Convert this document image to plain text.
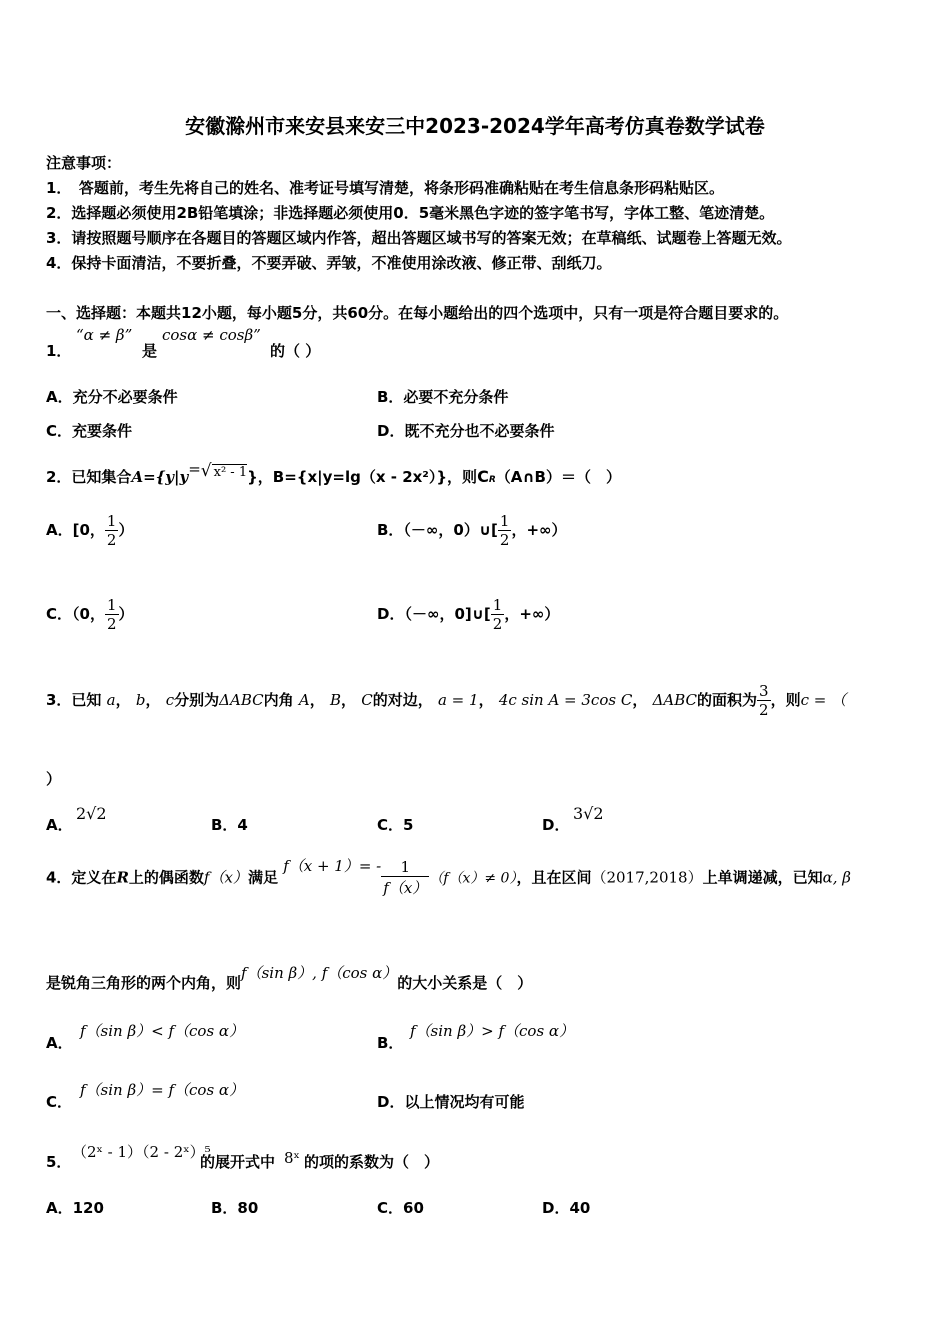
安徽滁州市来安县来安三中2023-2024学年高考仿真卷数学试卷
注意事项：
1．　答题前，考生先将自己的姓名、准考证号填写清楚，将条形码准确粘贴在考生信息条形码粘贴区。
2．选择题必须使用2B铅笔填涂；非选择题必须使用0．5毫米黑色字迹的签字笔书写，字体工整、笔迹清楚。
3．请按照题号顺序在各题目的答题区域内作答，超出答题区域书写的答案无效；在草稿纸、试题卷上答题无效。
4．保持卡面清洁，不要折叠，不要弄破、弄皱，不准使用涂改液、修正带、刮纸刀。
一、选择题：本题共12小题，每小题5分，共60分。在每小题给出的四个选项中，只有一项是符合题目要求的。
1．
“α ≠ β”
是
cosα ≠ cosβ”
的（ ）
A．充分不必要条件	B．必要不充分条件
C．充要条件	D．既不充分也不必要条件
2．已知集合A={y|y=√ x² - 1}，B={x|y=lg（x - 2x²）}，则CR（A∩B）＝（　）
A．[0， $\frac{1}{2}$ ）	B．（－∞，0）∪[ $\frac{1}{2}$ ，+∞）
C．（0， $\frac{1}{2}$ ）	D．（－∞，0]∪[ $\frac{1}{2}$ ，+∞）
3．已知 a， b， c分别为ΔABC内角 A， B， C的对边， a = 1， 4c sin A = 3cos C， ΔABC的面积为 $\frac{3}{2}$ ，则c = （
）
A．
2√2
B．4	C．5	D．
3√2
4．定义在R上的偶函数f（x）满足 $f(x + 1)= - \frac{1}{f(x)} (f(x)\ne 0)$，且在区间（2017,2018）上单调递减，已知α, β
是锐角三角形的两个内角，则f（sin β）, f（cos α）的大小关系是（　）
A．
f（sin β）< f（cos α）
B．
f（sin β）> f（cos α）
C．
f（sin β）= f（cos α）
D．以上情况均有可能
5．
（2ˣ - 1）（2 - 2ˣ）⁵
的展开式中 8ˣ 的项的系数为（　）
A．120	B．80	C．60	D．40
